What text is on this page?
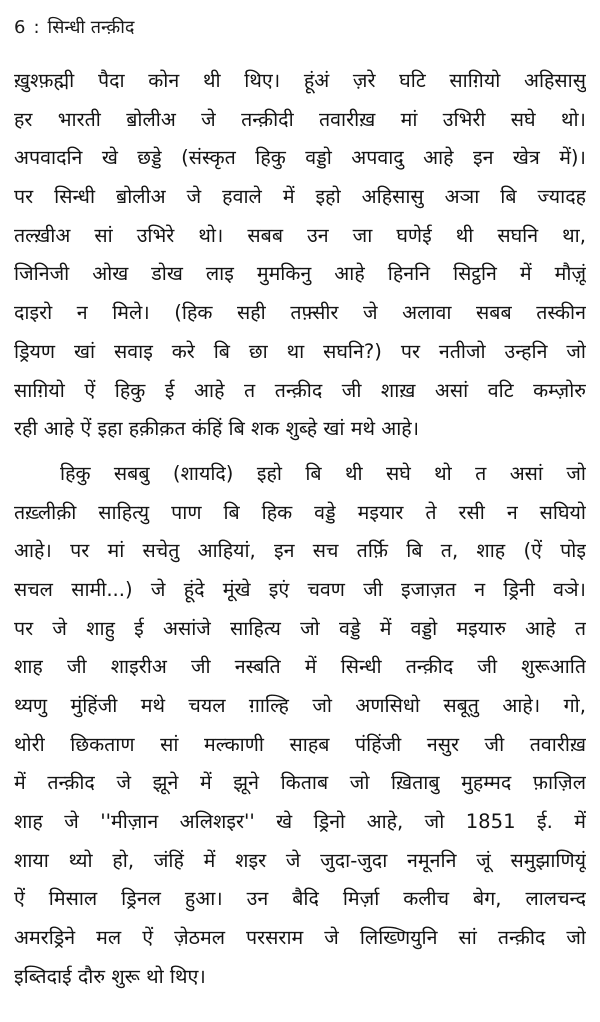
6 : सिन्धी तन्क़ीद
ख़ुश्फ़ह्मी पैदा कोन थी थिए। हूंअं ज़रे घटि साग़ियो अहिसासु
हर भारती ॿोलीअ जे तन्क़ीदी तवारीख़ मां उभिरी सघे थो।
अपवादनि खे छड्डे (संस्कृत हिकु वड्डो अपवादु आहे इन खेत्र में)।
पर सिन्धी ॿोलीअ जे हवाले में इहो अहिसासु अञा बि ज्यादह
तल्ख़ीअ सां उभिरे थो। सबब उन जा घणेई थी सघनि था,
जिनिजी ओख डोख लाइ मुमकिनु आहे हिननि सिट्ठनि में मौज़ूं
दाइरो न मिले। (हिक सही तफ़्सीर जे अलावा सबब तस्कीन
ड्रियण खां सवाइ करे बि छा था सघनि?) पर नतीजो उन्हनि जो
साग़ियो ऐं हिकु ई आहे त तन्क़ीद जी शाख़ असां वटि कम्ज़ोरु
रही आहे ऐं इहा हक़ीक़त कंहिं बि शक शुब्हे खां मथे आहे।
हिकु सबबु (शायदि) इहो बि थी सघे थो त असां जो
तख़्लीक़ी साहित्यु पाण बि हिक वड्डे मइयार ते रसी न सघियो
आहे। पर मां सचेतु आहियां, इन सच तर्फ़ि बि त, शाह (ऐं पोइ
सचल सामी...) जे हूंदे मूंखे इएं चवण जी इजाज़त न ड्रिनी वञे।
पर जे शाहु ई असांजे साहित्य जो वड्डे में वड्डो मइयारु आहे त
शाह जी शाइरीअ जी नस्बति में सिन्धी तन्क़ीद जी शुरूआति
थ्यणु मुंहिंजी मथे चयल ग़ाल्हि जो अणसिधो सबूतु आहे। गो,
थोरी छिकताण सां मल्काणी साहब पंहिंजी नसुर जी तवारीख़
में तन्क़ीद जे झूने में झूने किताब जो ख़िताबु मुहम्मद फ़ाज़िल
शाह जे ''मीज़ान अलिशइर'' खे ड्रिनो आहे, जो 1851 ई. में
शाया थ्यो हो, जंहिं में शइर जे जुदा-जुदा नमूननि जूं समुझाणियूं
ऐं मिसाल ड्रिनल हुआ। उन बैदि मिर्ज़ा कलीच बेग, लालचन्द
अमरड्रिने मल ऐं ज़ेठमल परसराम जे लिख्णियुनि सां तन्क़ीद जो
इब्तिदाई दौरु शुरू थो थिए।
